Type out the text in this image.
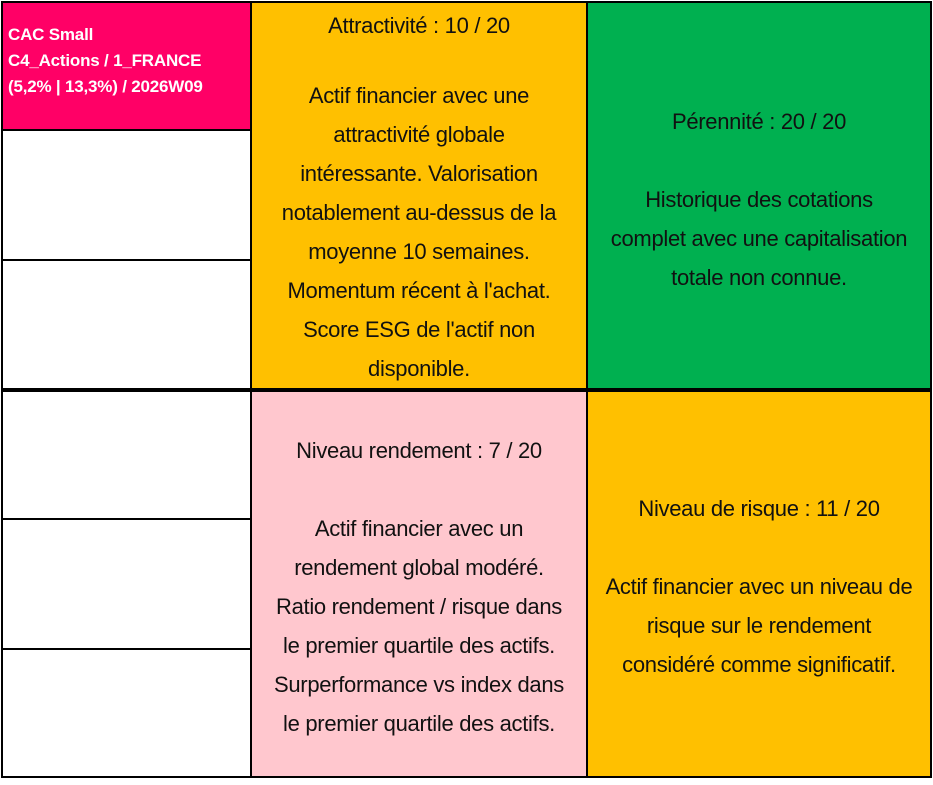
CAC Small
C4_Actions / 1_FRANCE
(5,2% | 13,3%) / 2026W09
Attractivité : 10 / 20
Actif financier avec une
attractivité globale
intéressante. Valorisation
notablement au-dessus de la
moyenne 10 semaines.
Momentum récent à l'achat.
Score ESG de l'actif non
disponible.
Pérennité : 20 / 20
Historique des cotations
complet avec une capitalisation
totale non connue.
Niveau rendement : 7 / 20
Actif financier avec un
rendement global modéré.
Ratio rendement / risque dans
le premier quartile des actifs.
Surperformance vs index dans
le premier quartile des actifs.
Niveau de risque : 11 / 20
Actif financier avec un niveau de
risque sur le rendement
considéré comme significatif.
